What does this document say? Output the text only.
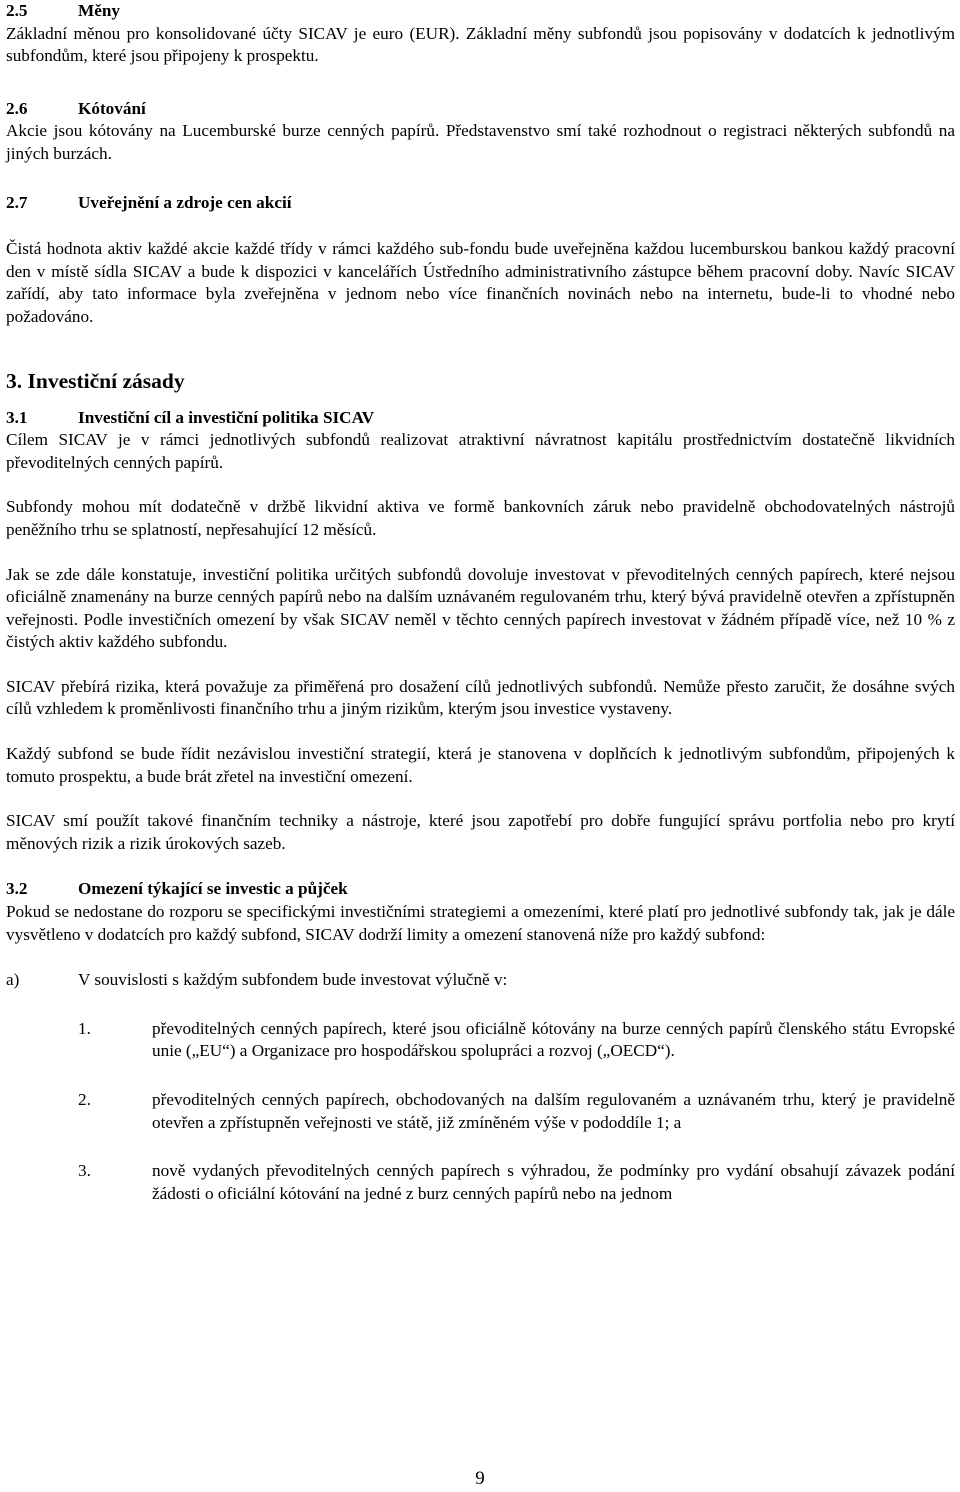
2.5	Měny
Základní měnou pro konsolidované účty SICAV je euro (EUR). Základní měny subfondů jsou popisovány v dodatcích k jednotlivým subfondům, které jsou připojeny k prospektu.
2.6	Kótování
Akcie jsou kótovány na Lucemburské burze cenných papírů. Představenstvo smí také rozhodnout o registraci některých subfondů na jiných burzách.
2.7	Uveřejnění a zdroje cen akcií
Čistá hodnota aktiv každé akcie každé třídy v rámci každého sub-fondu bude uveřejněna každou lucemburskou bankou každý pracovní den v místě sídla SICAV a bude k dispozici v kancelářích Ústředního administrativního zástupce během pracovní doby. Navíc SICAV zařídí, aby tato informace byla zveřejněna v jednom nebo více finančních novinách nebo na internetu, bude-li to vhodné nebo požadováno.
3. Investiční zásady
3.1	Investiční cíl a investiční politika SICAV
Cílem SICAV je v rámci jednotlivých subfondů realizovat atraktivní návratnost kapitálu prostřednictvím dostatečně likvidních převoditelných cenných papírů.
Subfondy mohou mít dodatečně v držbě likvidní aktiva ve formě bankovních záruk nebo pravidelně obchodovatelných nástrojů peněžního trhu se splatností, nepřesahující 12 měsíců.
Jak se zde dále konstatuje, investiční politika určitých subfondů dovoluje investovat v převoditelných cenných papírech, které nejsou oficiálně znamenány na burze cenných papírů nebo na dalším uznávaném regulovaném trhu, který bývá pravidelně otevřen a zpřístupněn veřejnosti. Podle investičních omezení by však SICAV neměl v těchto cenných papírech investovat v žádném případě více, než 10 % z čistých aktiv každého subfondu.
SICAV přebírá rizika, která považuje za přiměřená pro dosažení cílů jednotlivých subfondů. Nemůže přesto zaručit, že dosáhne svých cílů vzhledem k proměnlivosti finančního trhu a jiným rizikům, kterým jsou investice vystaveny.
Každý subfond se bude řídit nezávislou investiční strategií, která je stanovena v doplňcích k jednotlivým subfondům, připojených k tomuto prospektu, a bude brát zřetel na investiční omezení.
SICAV smí použít takové finančním techniky a nástroje, které jsou zapotřebí pro dobře fungující správu portfolia nebo pro krytí měnových rizik a rizik úrokových sazeb.
3.2	Omezení týkající se investic a půjček
Pokud se nedostane do rozporu se specifickými investičními strategiemi a omezeními, které platí pro jednotlivé subfondy tak, jak je dále vysvětleno v dodatcích pro každý subfond, SICAV dodrží limity a omezení stanovená níže pro každý subfond:
a)	V souvislosti s každým subfondem bude investovat výlučně v:
1.	převoditelných cenných papírech, které jsou oficiálně kótovány na burze cenných papírů členského státu Evropské unie („EU“) a Organizace pro hospodářskou spolupráci a rozvoj („OECD“).
2.	převoditelných cenných papírech, obchodovaných na dalším regulovaném a uznávaném trhu, který je pravidelně otevřen a zpřístupněn veřejnosti ve státě, již zmíněném výše v pododdíle 1; a
3.	nově vydaných převoditelných cenných papírech s výhradou, že podmínky pro vydání obsahují závazek podání žádosti o oficiální kótování na jedné z burz cenných papírů nebo na jednom
9
